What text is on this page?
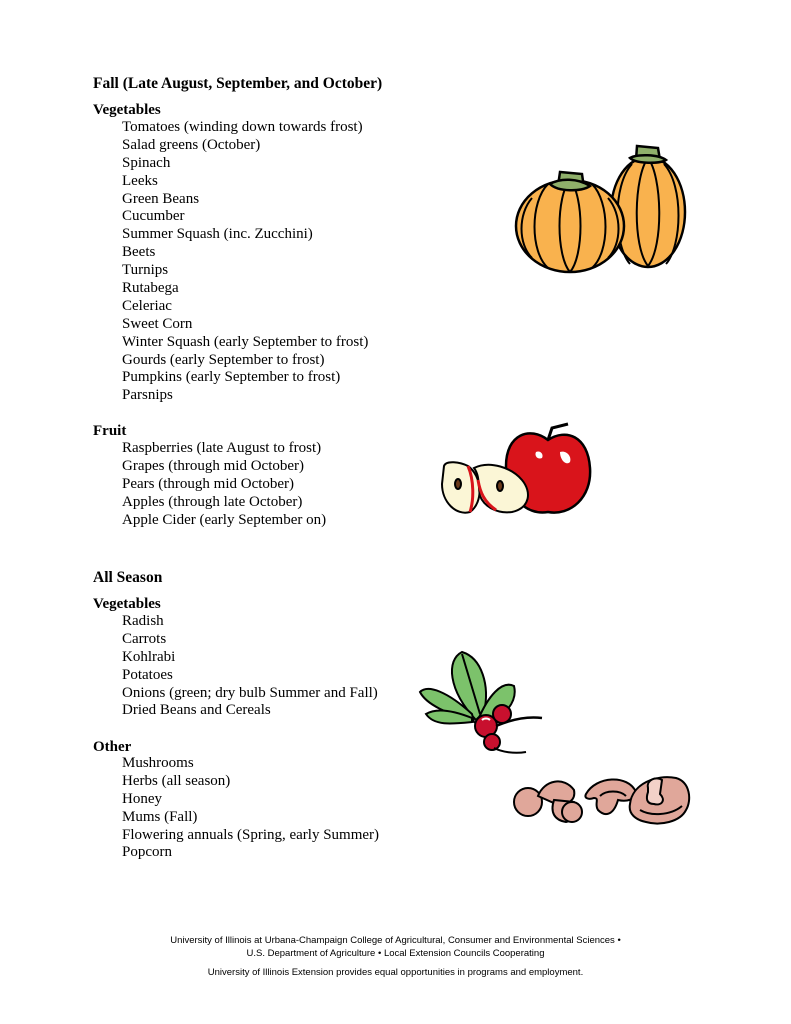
Fall (Late August, September, and October)
Vegetables
Tomatoes (winding down towards frost)
Salad greens (October)
Spinach
Leeks
Green Beans
Cucumber
Summer Squash (inc. Zucchini)
Beets
Turnips
Rutabega
Celeriac
Sweet Corn
Winter Squash (early September to frost)
Gourds (early September to frost)
Pumpkins (early September to frost)
Parsnips
Fruit
Raspberries (late August to frost)
Grapes (through mid October)
Pears (through mid October)
Apples (through late October)
Apple Cider (early September on)
All Season
Vegetables
Radish
Carrots
Kohlrabi
Potatoes
Onions (green; dry bulb Summer and Fall)
Dried Beans and Cereals
Other
Mushrooms
Herbs (all season)
Honey
Mums (Fall)
Flowering annuals (Spring, early Summer)
Popcorn

University of Illinois at Urbana-Champaign College of Agricultural, Consumer and Environmental Sciences •

U.S. Department of Agriculture • Local Extension Councils Cooperating

University of Illinois Extension provides equal opportunities in programs and employment.
